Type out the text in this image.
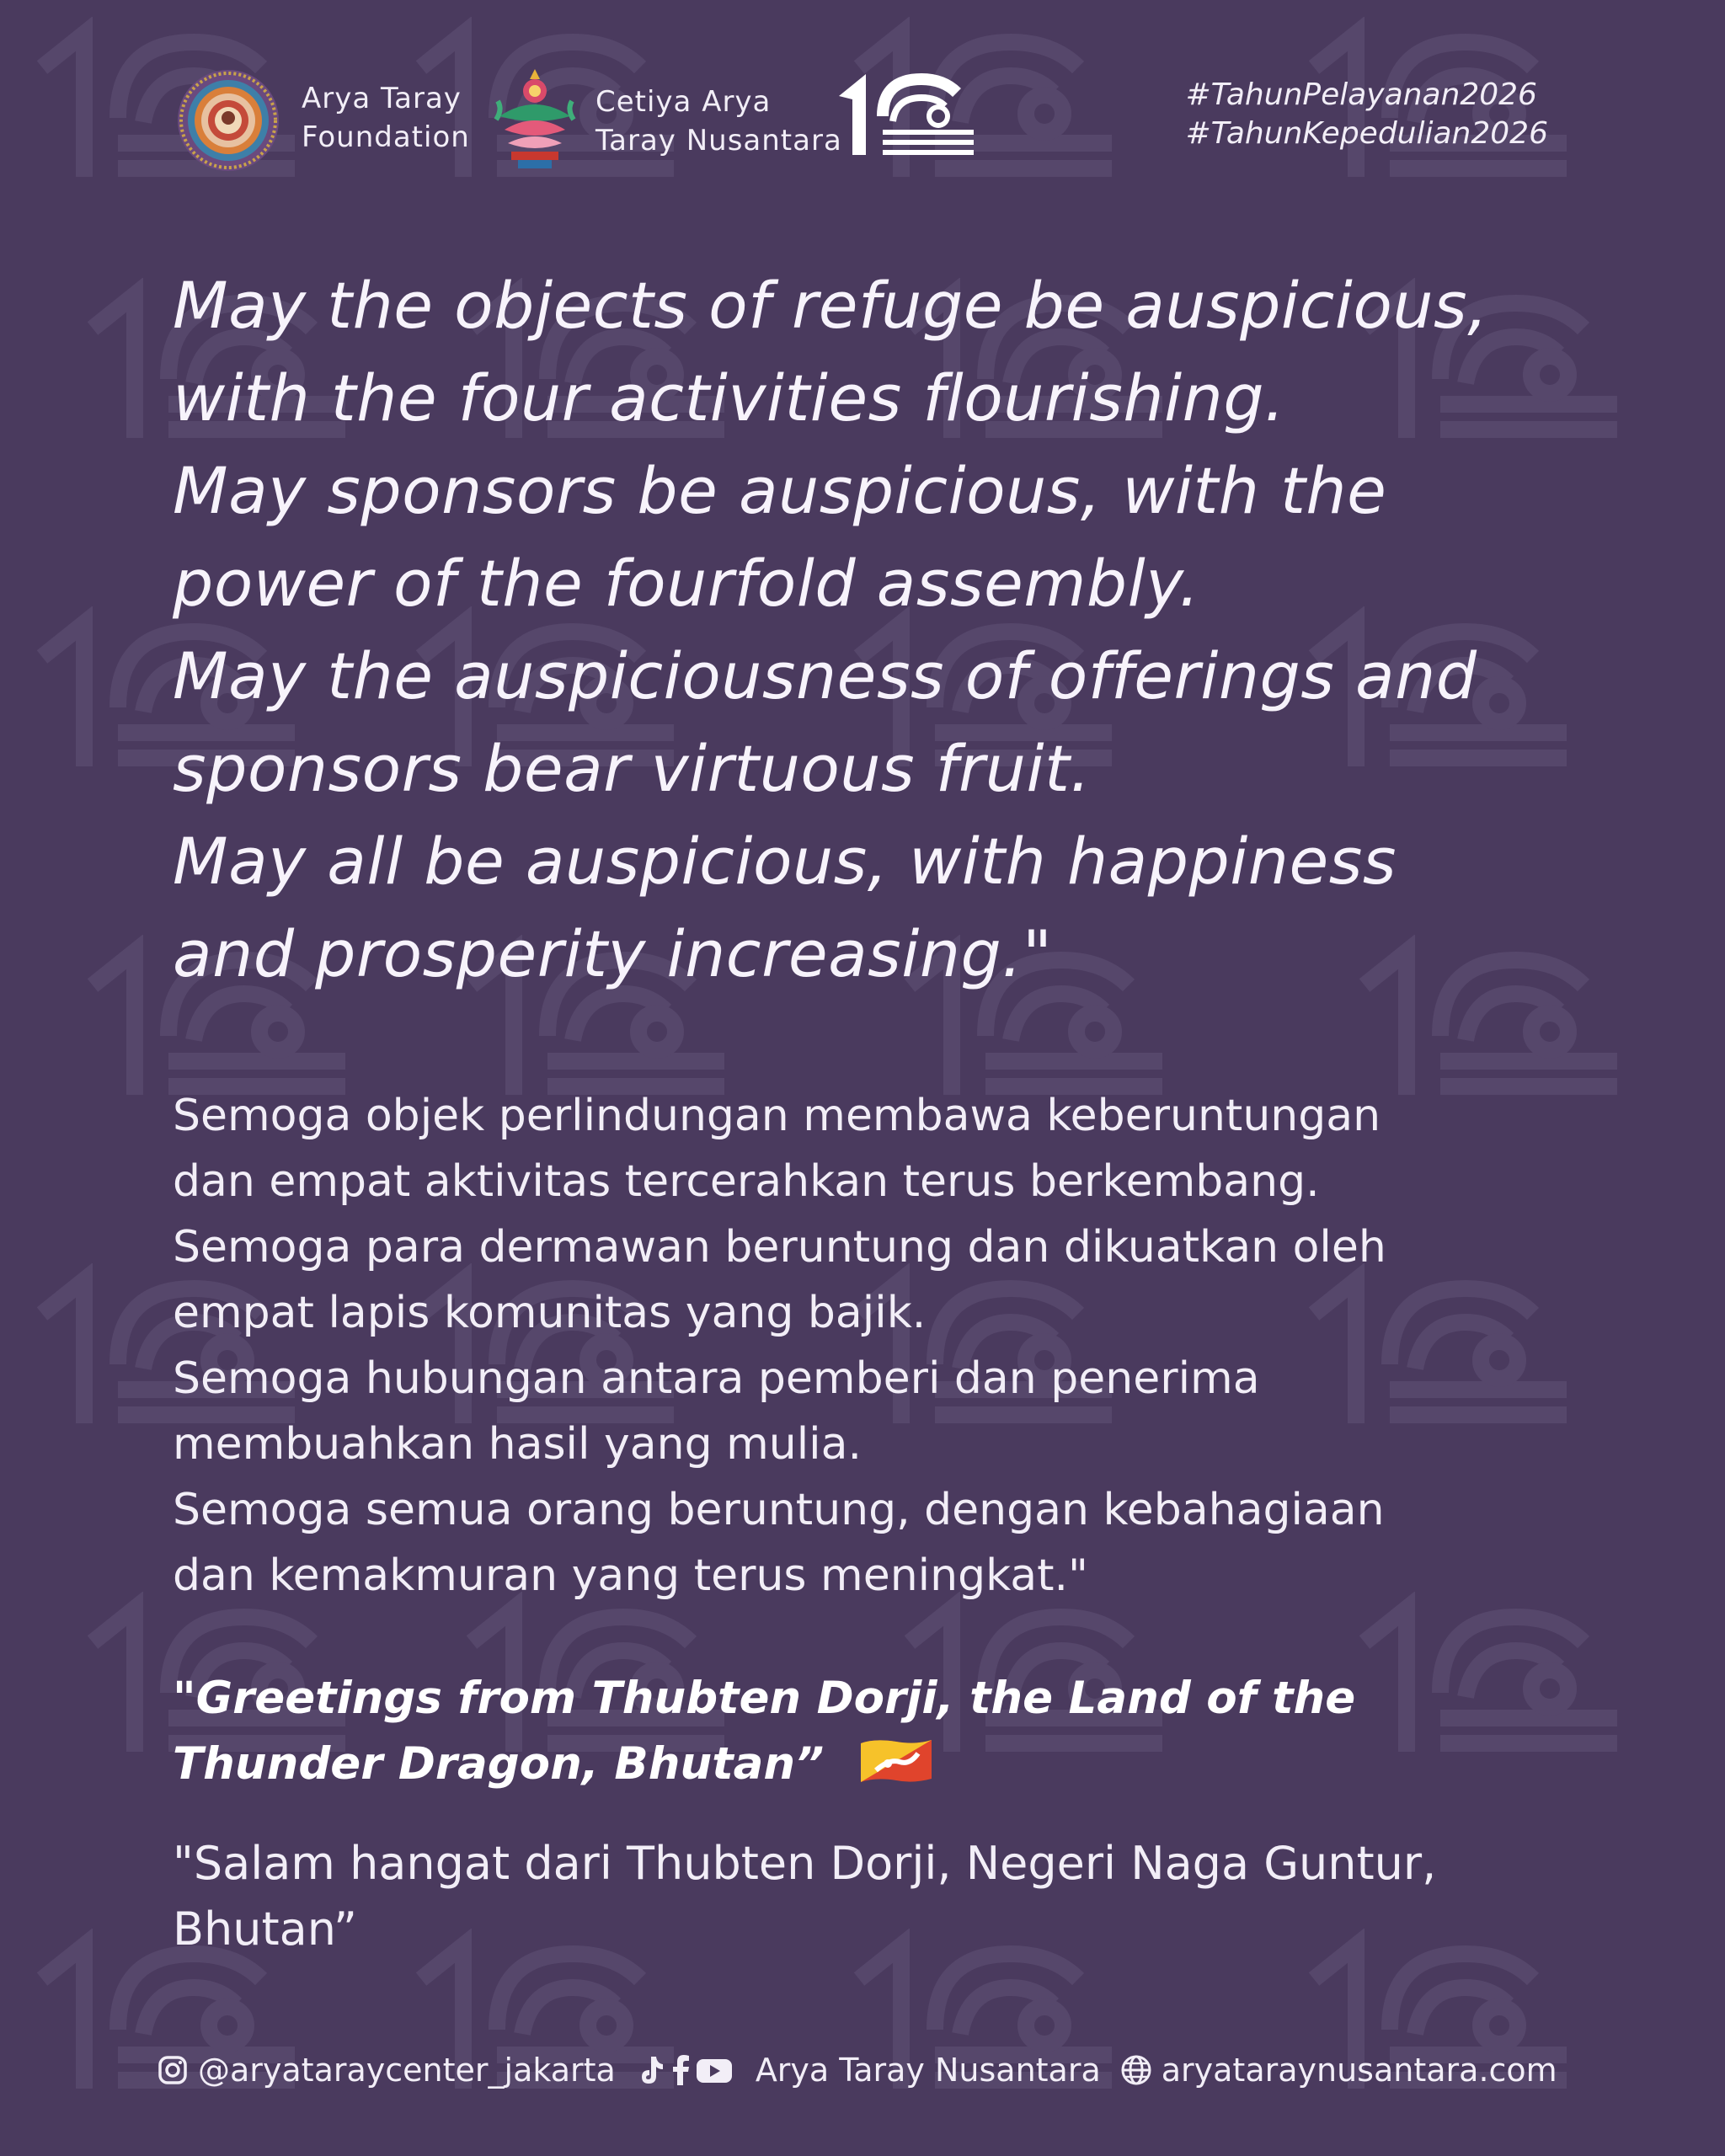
Arya Taray
Foundation
Cetiya Arya
Taray Nusantara
#TahunPelayanan2026
#TahunKepedulian2026
May the objects of refuge be auspicious,
with the four activities flourishing.
May sponsors be auspicious, with the
power of the fourfold assembly.
May the auspiciousness of offerings and
sponsors bear virtuous fruit.
May all be auspicious, with happiness
and prosperity increasing."
Semoga objek perlindungan membawa keberuntungan
dan empat aktivitas tercerahkan terus berkembang.
Semoga para dermawan beruntung dan dikuatkan oleh
empat lapis komunitas yang bajik.
Semoga hubungan antara pemberi dan penerima
membuahkan hasil yang mulia.
Semoga semua orang beruntung, dengan kebahagiaan
dan kemakmuran yang terus meningkat."
"Greetings from Thubten Dorji, the Land of the
Thunder Dragon, Bhutan”
"Salam hangat dari Thubten Dorji, Negeri Naga Guntur,
Bhutan”
@aryataraycenter_jakarta	Arya Taray Nusantara aryataraynusantara.com
